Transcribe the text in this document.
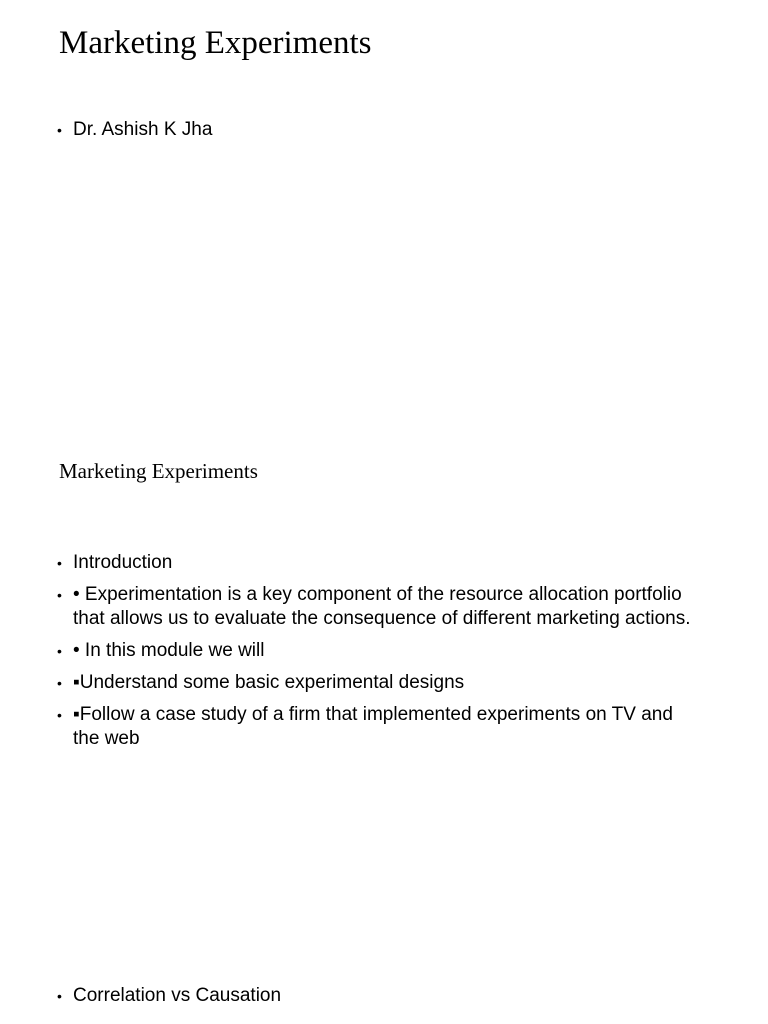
Marketing Experiments
• Dr. Ashish K Jha
Marketing Experiments
• Introduction
• • Experimentation is a key component of the resource allocation portfolio that allows us to evaluate the consequence of different marketing actions.
• • In this module we will
• ▪Understand some basic experimental designs
• ▪Follow a case study of a firm that implemented experiments on TV and the web
• Correlation vs Causation
